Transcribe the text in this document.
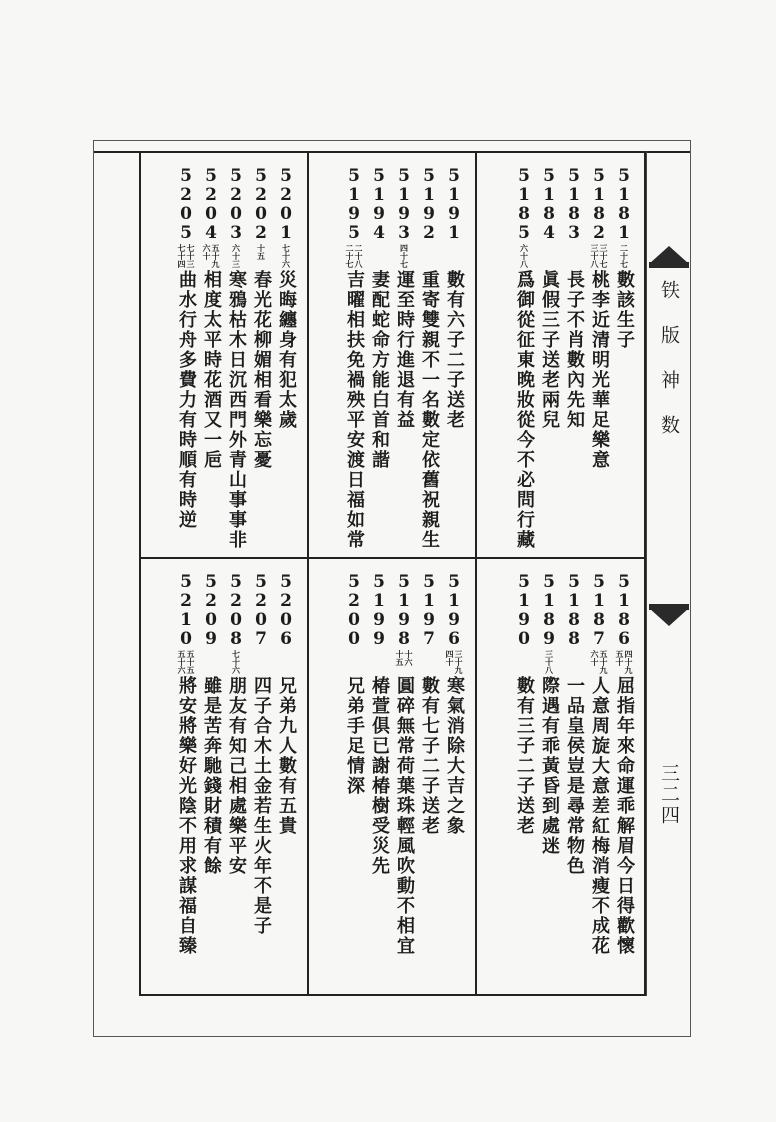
5
1
8
1
二十七
數該生子
5
1
8
2
三十七 三十八
桃李近清明光華足樂意
5
1
8
3
長子不肖數內先知
5
1
8
4
眞假三子送老兩兒
5
1
8
5
六十八
爲御從征東晚妝從今不必問行藏
5
1
9
1
數有六子二子送老
5
1
9
2
重寄雙親不一名數定依舊祝親生
5
1
9
3
四十七
運至時行進退有益
5
1
9
4
妻配蛇命方能白首和諧
5
1
9
5
二十八 二十七
吉曜相扶免禍殃平安渡日福如常
5
2
0
1
七十六
災晦纏身有犯太歲
5
2
0
2
十五
春光花柳媚相看樂忘憂
5
2
0
3
六十三
寒鴉枯木日沉西門外青山事事非
5
2
0
4
五十九 六十
相度太平時花酒又一巵
5
2
0
5
七十三 七十四
曲水行舟多費力有時順有時逆
5
1
8
6
四十九 五十
屈指年來命運乖解眉今日得歡懷
5
1
8
7
五十九 六十
人意周旋大意差紅梅消瘦不成花
5
1
8
8
一品皇侯豈是尋常物色
5
1
8
9
三十八
際遇有乖黃昏到處迷
5
1
9
0
數有三子二子送老
5
1
9
6
三十九 四十
寒氣消除大吉之象
5
1
9
7
數有七子二子送老
5
1
9
8
十六 十五
圓碎無常荷葉珠輕風吹動不相宜
5
1
9
9
椿萱俱已謝椿樹受災先
5
2
0
0
兄弟手足情深
5
2
0
6
兄弟九人數有五貴
5
2
0
7
四子合木土金若生火年不是子
5
2
0
8
七十六
朋友有知己相處樂平安
5
2
0
9
雖是苦奔馳錢財積有餘
5
2
1
0
五十五 五十六
將安將樂好光陰不用求謀福自臻
铁版神数
三二四
